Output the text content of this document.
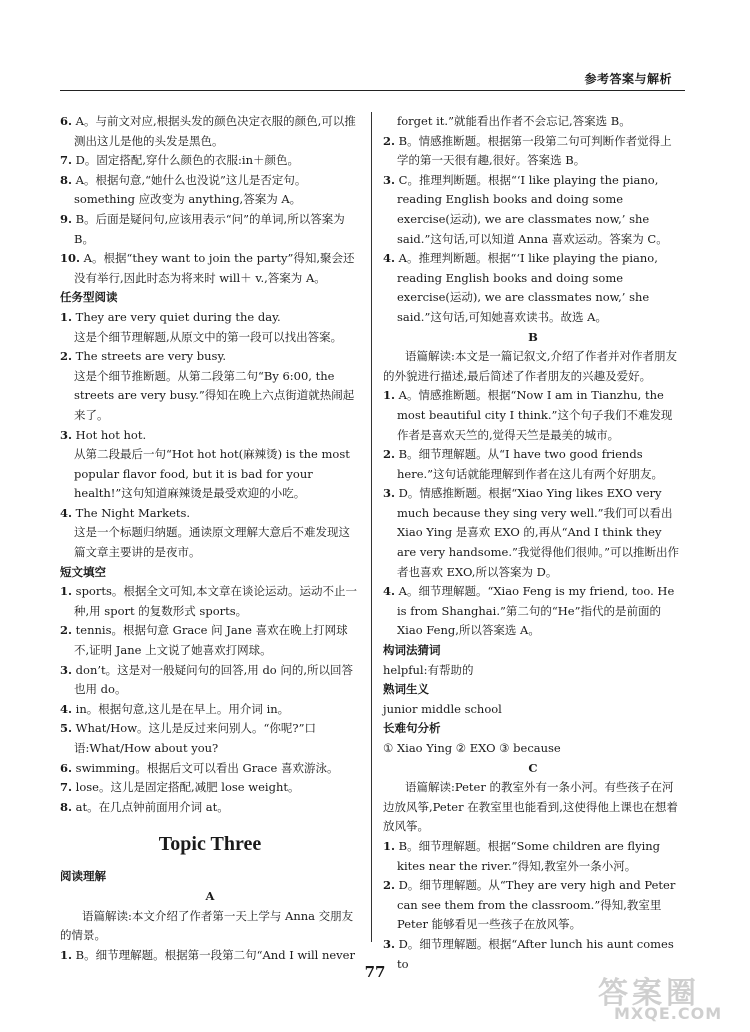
参考答案与解析

6. A。与前文对应,根据头发的颜色决定衣服的颜色,可以推测出这儿是他的头发是黑色。

7. D。固定搭配,穿什么颜色的衣服:in＋颜色。

8. A。根据句意,“她什么也没说”这儿是否定句。something 应改变为 anything,答案为 A。

9. B。后面是疑问句,应该用表示“问”的单词,所以答案为 B。

10. A。根据“they want to join the party”得知,聚会还没有举行,因此时态为将来时 will＋ v.,答案为 A。

任务型阅读

1. They are very quiet during the day.

这是个细节理解题,从原文中的第一段可以找出答案。

2. The streets are very busy.

这是个细节推断题。从第二段第二句“By 6:00, the streets are very busy.”得知在晚上六点街道就热闹起来了。

3. Hot hot hot.

从第二段最后一句“Hot hot hot(麻辣烫) is the most popular flavor food, but it is bad for your health!”这句知道麻辣烫是最受欢迎的小吃。

4. The Night Markets.

这是一个标题归纳题。通读原文理解大意后不难发现这篇文章主要讲的是夜市。

短文填空

1. sports。根据全文可知,本文章在谈论运动。运动不止一种,用 sport 的复数形式 sports。

2. tennis。根据句意 Grace 问 Jane 喜欢在晚上打网球不,证明 Jane 上文说了她喜欢打网球。

3. don’t。这是对一般疑问句的回答,用 do 问的,所以回答也用 do。

4. in。根据句意,这儿是在早上。用介词 in。

5. What/How。这儿是反过来问别人。“你呢?”口语:What/How about you?

6. swimming。根据后文可以看出 Grace 喜欢游泳。

7. lose。这儿是固定搭配,减肥 lose weight。

8. at。在几点钟前面用介词 at。

Topic Three

阅读理解

A

语篇解读:本文介绍了作者第一天上学与 Anna 交朋友的情景。

1. B。细节理解题。根据第一段第二句“And I will never

forget it.”就能看出作者不会忘记,答案选 B。

2. B。情感推断题。根据第一段第二句可判断作者觉得上学的第一天很有趣,很好。答案选 B。

3. C。推理判断题。根据“‘I like playing the piano, reading English books and doing some exercise(运动), we are classmates now,’ she said.”这句话,可以知道 Anna 喜欢运动。答案为 C。

4. A。推理判断题。根据“‘I like playing the piano, reading English books and doing some exercise(运动), we are classmates now,’ she said.”这句话,可知她喜欢读书。故选 A。

B

语篇解读:本文是一篇记叙文,介绍了作者并对作者朋友的外貌进行描述,最后简述了作者朋友的兴趣及爱好。

1. A。情感推断题。根据“Now I am in Tianzhu, the most beautiful city I think.”这个句子我们不难发现作者是喜欢天竺的,觉得天竺是最美的城市。

2. B。细节理解题。从“I have two good friends here.”这句话就能理解到作者在这儿有两个好朋友。

3. D。情感推断题。根据“Xiao Ying likes EXO very much because they sing very well.”我们可以看出 Xiao Ying 是喜欢 EXO 的,再从“And I think they are very handsome.”我觉得他们很帅。”可以推断出作者也喜欢 EXO,所以答案为 D。

4. A。细节理解题。“Xiao Feng is my friend, too. He is from Shanghai.”第二句的“He”指代的是前面的 Xiao Feng,所以答案选 A。

构词法猜词

helpful:有帮助的

熟词生义

junior middle school

长难句分析

① Xiao Ying ② EXO ③ because

C

语篇解读:Peter 的教室外有一条小河。有些孩子在河边放风筝,Peter 在教室里也能看到,这使得他上课也在想着放风筝。

1. B。细节理解题。根据“Some children are flying kites near the river.”得知,教室外一条小河。

2. D。细节理解题。从“They are very high and Peter can see them from the classroom.”得知,教室里 Peter 能够看见一些孩子在放风筝。

3. D。细节理解题。根据“After lunch his aunt comes to

77
答案圈
MXQE.COM
